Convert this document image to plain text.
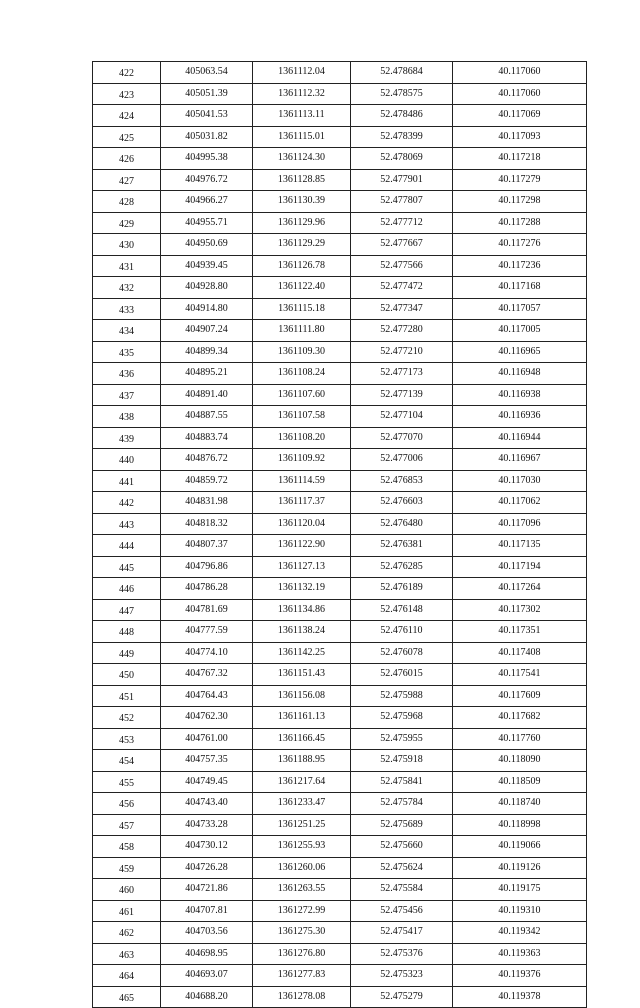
422	405063.54	1361112.04	52.478684	40.117060
423	405051.39	1361112.32	52.478575	40.117060
424	405041.53	1361113.11	52.478486	40.117069
425	405031.82	1361115.01	52.478399	40.117093
426	404995.38	1361124.30	52.478069	40.117218
427	404976.72	1361128.85	52.477901	40.117279
428	404966.27	1361130.39	52.477807	40.117298
429	404955.71	1361129.96	52.477712	40.117288
430	404950.69	1361129.29	52.477667	40.117276
431	404939.45	1361126.78	52.477566	40.117236
432	404928.80	1361122.40	52.477472	40.117168
433	404914.80	1361115.18	52.477347	40.117057
434	404907.24	1361111.80	52.477280	40.117005
435	404899.34	1361109.30	52.477210	40.116965
436	404895.21	1361108.24	52.477173	40.116948
437	404891.40	1361107.60	52.477139	40.116938
438	404887.55	1361107.58	52.477104	40.116936
439	404883.74	1361108.20	52.477070	40.116944
440	404876.72	1361109.92	52.477006	40.116967
441	404859.72	1361114.59	52.476853	40.117030
442	404831.98	1361117.37	52.476603	40.117062
443	404818.32	1361120.04	52.476480	40.117096
444	404807.37	1361122.90	52.476381	40.117135
445	404796.86	1361127.13	52.476285	40.117194
446	404786.28	1361132.19	52.476189	40.117264
447	404781.69	1361134.86	52.476148	40.117302
448	404777.59	1361138.24	52.476110	40.117351
449	404774.10	1361142.25	52.476078	40.117408
450	404767.32	1361151.43	52.476015	40.117541
451	404764.43	1361156.08	52.475988	40.117609
452	404762.30	1361161.13	52.475968	40.117682
453	404761.00	1361166.45	52.475955	40.117760
454	404757.35	1361188.95	52.475918	40.118090
455	404749.45	1361217.64	52.475841	40.118509
456	404743.40	1361233.47	52.475784	40.118740
457	404733.28	1361251.25	52.475689	40.118998
458	404730.12	1361255.93	52.475660	40.119066
459	404726.28	1361260.06	52.475624	40.119126
460	404721.86	1361263.55	52.475584	40.119175
461	404707.81	1361272.99	52.475456	40.119310
462	404703.56	1361275.30	52.475417	40.119342
463	404698.95	1361276.80	52.475376	40.119363
464	404693.07	1361277.83	52.475323	40.119376
465	404688.20	1361278.08	52.475279	40.119378
